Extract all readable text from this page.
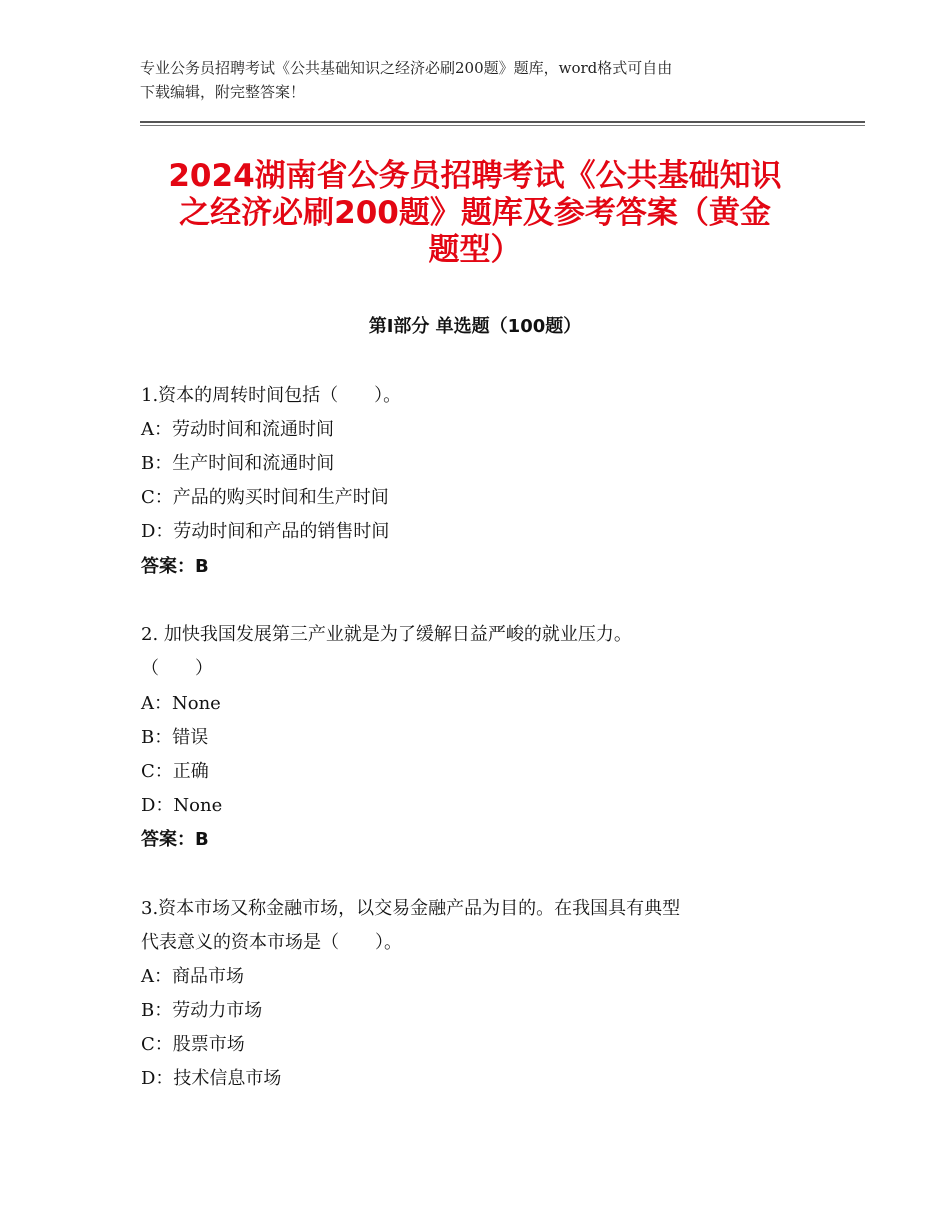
专业公务员招聘考试《公共基础知识之经济必刷200题》题库，word格式可自由
下载编辑，附完整答案！
2024湖南省公务员招聘考试《公共基础知识
之经济必刷200题》题库及参考答案（黄金
题型）
第Ⅰ部分 单选题（100题）
1.资本的周转时间包括（　　）。
A：劳动时间和流通时间
B：生产时间和流通时间
C：产品的购买时间和生产时间
D：劳动时间和产品的销售时间
答案：B
2. 加快我国发展第三产业就是为了缓解日益严峻的就业压力。
（　　）
A：None
B：错误
C：正确
D：None
答案：B
3.资本市场又称金融市场，以交易金融产品为目的。在我国具有典型
代表意义的资本市场是（　　）。
A：商品市场
B：劳动力市场
C：股票市场
D：技术信息市场
